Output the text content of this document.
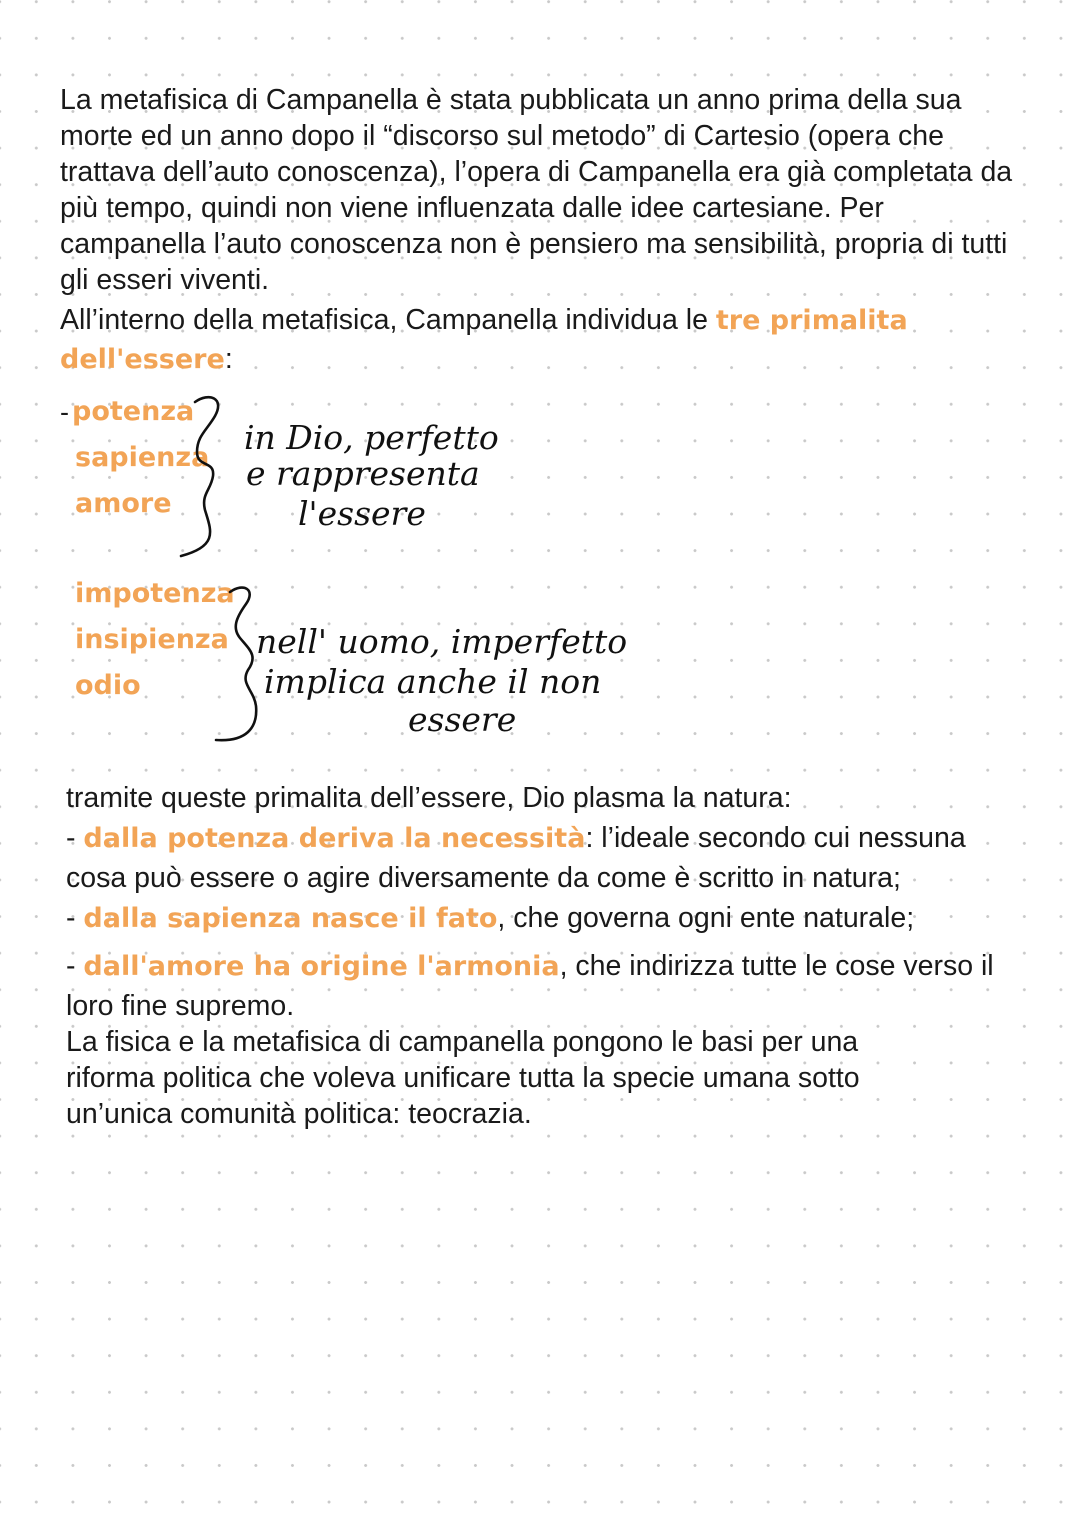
La metafisica di Campanella è stata pubblicata un anno prima della sua morte ed un anno dopo il “discorso sul metodo” di Cartesio (opera che trattava dell’auto conoscenza), l’opera di Campanella era già completata da più tempo, quindi non viene influenzata dalle idee cartesiane. Per campanella l’auto conoscenza non è pensiero ma sensibilità, propria di tutti gli esseri viventi.

All’interno della metafisica, Campanella individua le tre primalita

dell'essere:
- potenza
sapienza
amore
in Dio, perfetto
e rappresenta
l'essere
impotenza
insipienza
odio
nell' uomo, imperfetto
implica anche il non
essere

tramite queste primalita dell’essere, Dio plasma la natura:

- dalla potenza deriva la necessità: l’ideale secondo cui nessuna

cosa può essere o agire diversamente da come è scritto in natura;

- dalla sapienza nasce il fato, che governa ogni ente naturale;

- dall'amore ha origine l'armonia, che indirizza tutte le cose verso il

loro fine supremo.

La fisica e la metafisica di campanella pongono le basi per una

riforma politica che voleva unificare tutta la specie umana sotto

un’unica comunità politica: teocrazia.
